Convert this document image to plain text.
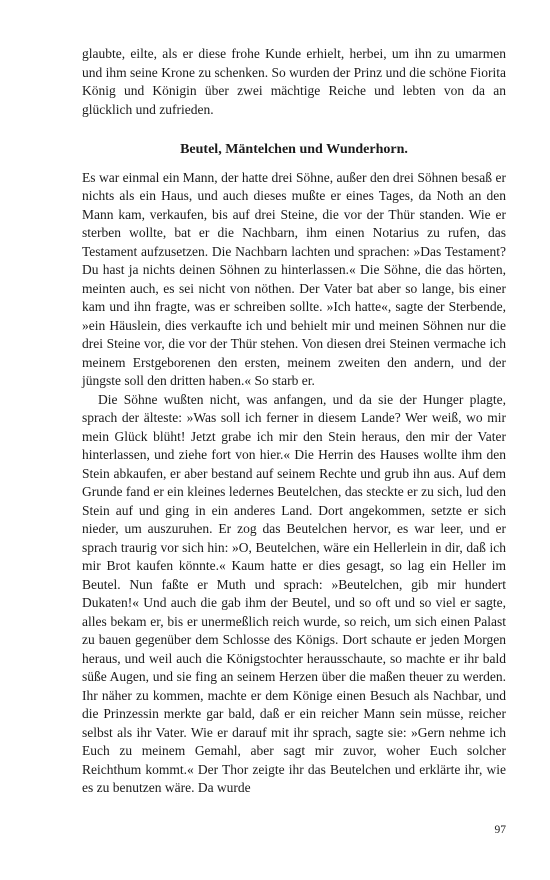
glaubte, eilte, als er diese frohe Kunde erhielt, herbei, um ihn zu umarmen und ihm seine Krone zu schenken. So wurden der Prinz und die schöne Fiorita König und Königin über zwei mächtige Reiche und lebten von da an glücklich und zufrieden.

Beutel, Mäntelchen und Wunderhorn.

Es war einmal ein Mann, der hatte drei Söhne, außer den drei Söhnen besaß er nichts als ein Haus, und auch dieses mußte er eines Tages, da Noth an den Mann kam, verkaufen, bis auf drei Steine, die vor der Thür standen. Wie er sterben wollte, bat er die Nachbarn, ihm einen Notarius zu rufen, das Testament aufzusetzen. Die Nachbarn lachten und sprachen: »Das Testament? Du hast ja nichts deinen Söhnen zu hinterlassen.« Die Söhne, die das hörten, meinten auch, es sei nicht von nöthen. Der Vater bat aber so lange, bis einer kam und ihn fragte, was er schreiben sollte. »Ich hatte«, sagte der Sterbende, »ein Häuslein, dies verkaufte ich und behielt mir und meinen Söhnen nur die drei Steine vor, die vor der Thür stehen. Von diesen drei Steinen vermache ich meinem Erstgeborenen den ersten, meinem zweiten den andern, und der jüngste soll den dritten haben.« So starb er.

Die Söhne wußten nicht, was anfangen, und da sie der Hunger plagte, sprach der älteste: »Was soll ich ferner in diesem Lande? Wer weiß, wo mir mein Glück blüht! Jetzt grabe ich mir den Stein heraus, den mir der Vater hinterlassen, und ziehe fort von hier.« Die Herrin des Hauses wollte ihm den Stein abkaufen, er aber bestand auf seinem Rechte und grub ihn aus. Auf dem Grunde fand er ein kleines ledernes Beutelchen, das steckte er zu sich, lud den Stein auf und ging in ein anderes Land. Dort angekommen, setzte er sich nieder, um auszuruhen. Er zog das Beutelchen hervor, es war leer, und er sprach traurig vor sich hin: »O, Beutelchen, wäre ein Hellerlein in dir, daß ich mir Brot kaufen könnte.« Kaum hatte er dies gesagt, so lag ein Heller im Beutel. Nun faßte er Muth und sprach: »Beutelchen, gib mir hundert Dukaten!« Und auch die gab ihm der Beutel, und so oft und so viel er sagte, alles bekam er, bis er unermeßlich reich wurde, so reich, um sich einen Palast zu bauen gegenüber dem Schlosse des Königs. Dort schaute er jeden Morgen heraus, und weil auch die Königstochter herausschaute, so machte er ihr bald süße Augen, und sie fing an seinem Herzen über die maßen theuer zu werden. Ihr näher zu kommen, machte er dem Könige einen Besuch als Nachbar, und die Prinzessin merkte gar bald, daß er ein reicher Mann sein müsse, reicher selbst als ihr Vater. Wie er darauf mit ihr sprach, sagte sie: »Gern nehme ich Euch zu meinem Gemahl, aber sagt mir zuvor, woher Euch solcher Reichthum kommt.« Der Thor zeigte ihr das Beutelchen und erklärte ihr, wie es zu benutzen wäre. Da wurde

97
